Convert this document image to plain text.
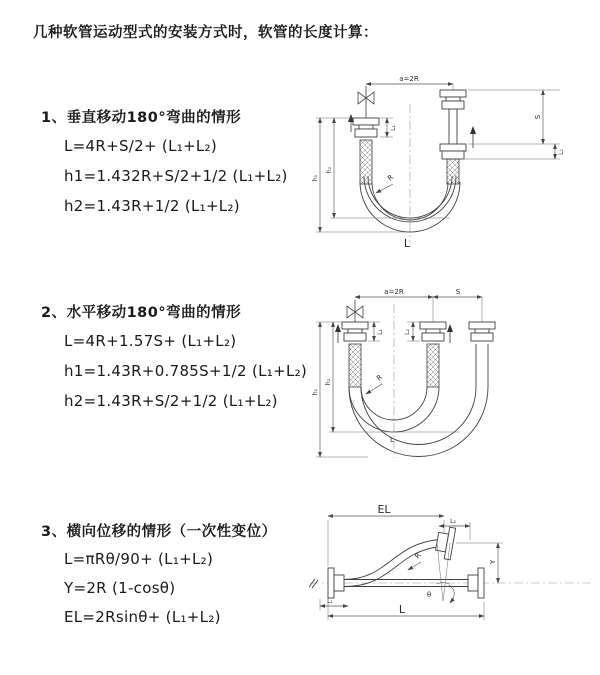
几种软管运动型式的安装方式时，软管的长度计算：
1、垂直移动180°弯曲的情形
L=4R+S/2+ (L₁+L₂)
h1=1.432R+S/2+1/2 (L₁+L₂)
h2=1.43R+1/2 (L₁+L₂)
2、水平移动180°弯曲的情形
L=4R+1.57S+ (L₁+L₂)
h1=1.43R+0.785S+1/2 (L₁+L₂)
h2=1.43R+S/2+1/2 (L₁+L₂)
3、横向位移的情形（一次性变位）
L=πRθ/90+ (L₁+L₂)
Y=2R (1-cosθ)
EL=2Rsinθ+ (L₁+L₂)
a=2R
L₁
S
L₂
h₁
h₂
R
L
a=2R	S
L₁	L₂
h₁
h₂	R
L
EL
L₂
Y
R
θ
L
L₁
